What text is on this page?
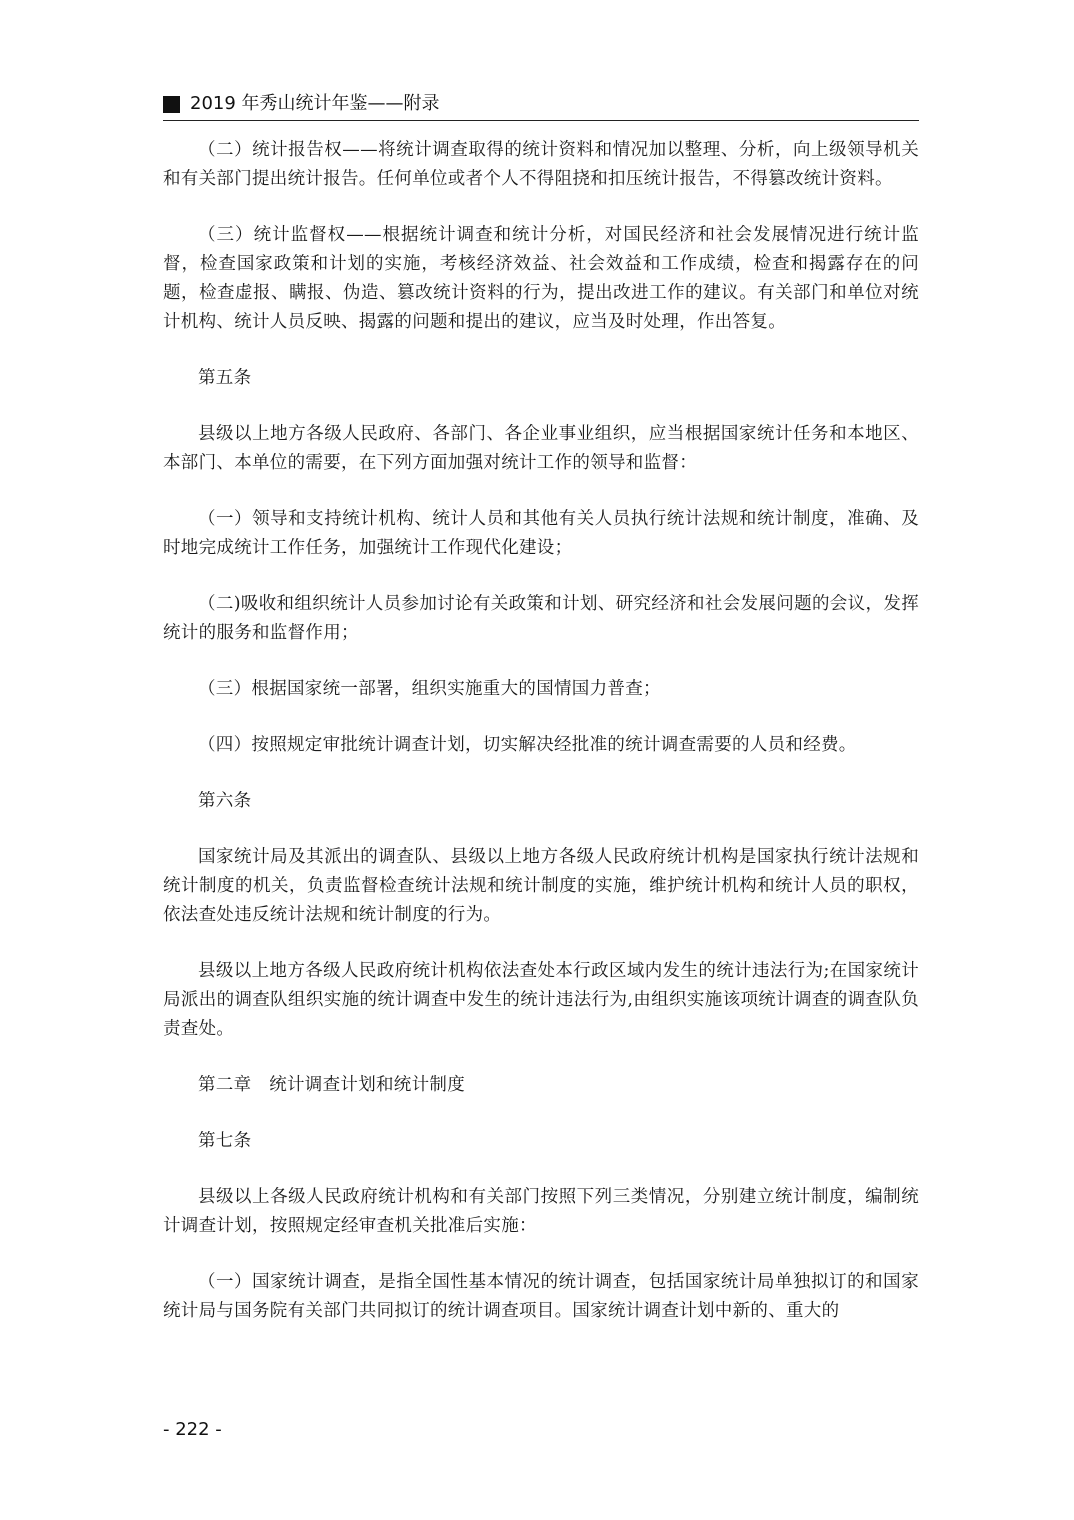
2019 年秀山统计年鉴——附录

（二）统计报告权——将统计调查取得的统计资料和情况加以整理、分析，向上级领导机关和有关部门提出统计报告。任何单位或者个人不得阻挠和扣压统计报告，不得篡改统计资料。

（三）统计监督权——根据统计调查和统计分析，对国民经济和社会发展情况进行统计监督，检查国家政策和计划的实施，考核经济效益、社会效益和工作成绩，检查和揭露存在的问题，检查虚报、瞒报、伪造、篡改统计资料的行为，提出改进工作的建议。有关部门和单位对统计机构、统计人员反映、揭露的问题和提出的建议，应当及时处理，作出答复。

第五条

县级以上地方各级人民政府、各部门、各企业事业组织，应当根据国家统计任务和本地区、本部门、本单位的需要，在下列方面加强对统计工作的领导和监督：

（一）领导和支持统计机构、统计人员和其他有关人员执行统计法规和统计制度，准确、及时地完成统计工作任务，加强统计工作现代化建设；

（二)吸收和组织统计人员参加讨论有关政策和计划、研究经济和社会发展问题的会议，发挥统计的服务和监督作用；

（三）根据国家统一部署，组织实施重大的国情国力普查；

（四）按照规定审批统计调查计划，切实解决经批准的统计调查需要的人员和经费。

第六条

国家统计局及其派出的调查队、县级以上地方各级人民政府统计机构是国家执行统计法规和统计制度的机关，负责监督检查统计法规和统计制度的实施，维护统计机构和统计人员的职权，依法查处违反统计法规和统计制度的行为。

县级以上地方各级人民政府统计机构依法查处本行政区域内发生的统计违法行为;在国家统计局派出的调查队组织实施的统计调查中发生的统计违法行为,由组织实施该项统计调查的调查队负责查处。

第二章　统计调查计划和统计制度

第七条

县级以上各级人民政府统计机构和有关部门按照下列三类情况，分别建立统计制度，编制统计调查计划，按照规定经审查机关批准后实施：

（一）国家统计调查，是指全国性基本情况的统计调查，包括国家统计局单独拟订的和国家统计局与国务院有关部门共同拟订的统计调查项目。国家统计调查计划中新的、重大的

- 222 -
